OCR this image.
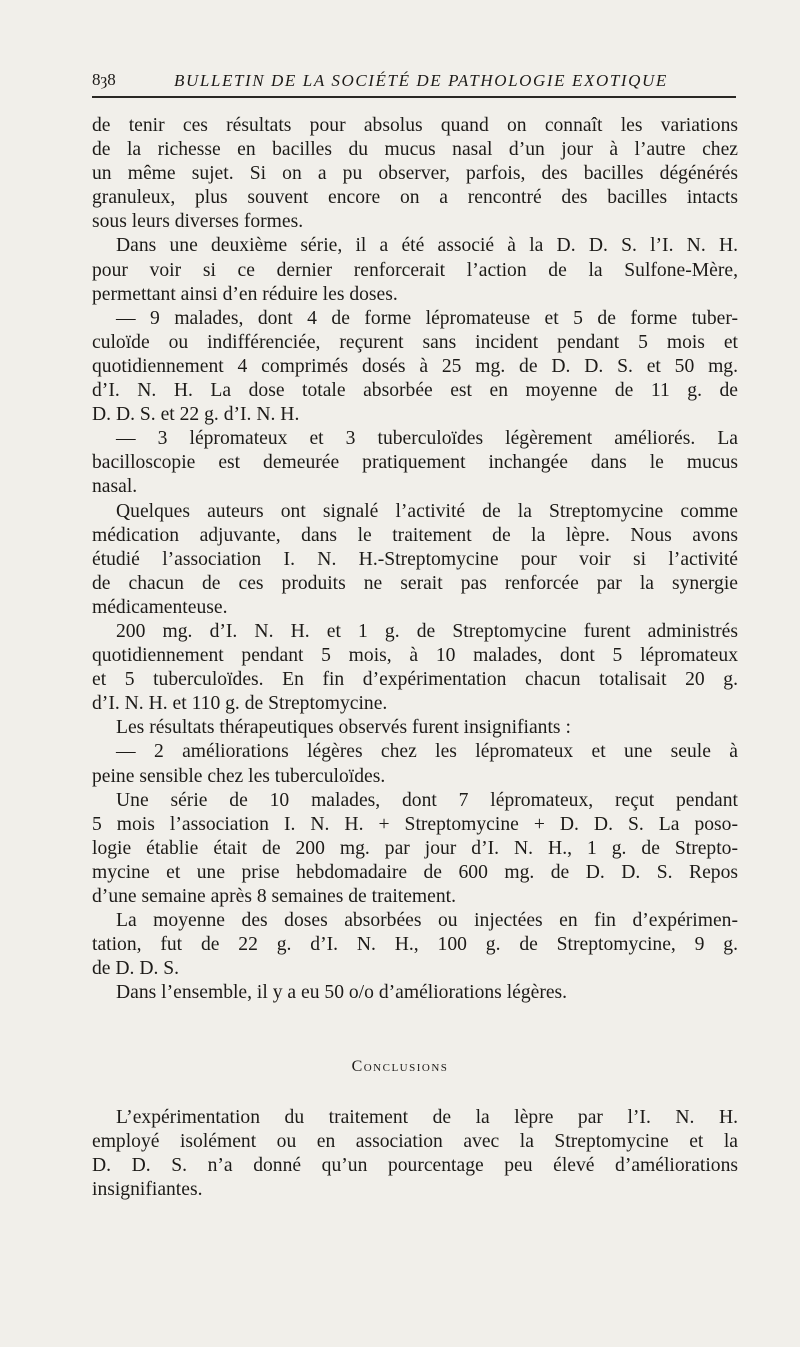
8ȝ8	BULLETIN DE LA SOCIÉTÉ DE PATHOLOGIE EXOTIQUE
de tenir ces résultats pour absolus quand on connaît les variations
de la richesse en bacilles du mucus nasal d’un jour à l’autre chez
un même sujet. Si on a pu observer, parfois, des bacilles dégénérés
granuleux, plus souvent encore on a rencontré des bacilles intacts
sous leurs diverses formes.
Dans une deuxième série, il a été associé à la D. D. S. l’I. N. H.
pour voir si ce dernier renforcerait l’action de la Sulfone-Mère,
permettant ainsi d’en réduire les doses.
— 9 malades, dont 4 de forme lépromateuse et 5 de forme tuber-
culoïde ou indifférenciée, reçurent sans incident pendant 5 mois et
quotidiennement 4 comprimés dosés à 25 mg. de D. D. S. et 50 mg.
d’I. N. H. La dose totale absorbée est en moyenne de 11 g. de
D. D. S. et 22 g. d’I. N. H.
— 3 lépromateux et 3 tuberculoïdes légèrement améliorés. La
bacilloscopie est demeurée pratiquement inchangée dans le mucus
nasal.
Quelques auteurs ont signalé l’activité de la Streptomycine comme
médication adjuvante, dans le traitement de la lèpre. Nous avons
étudié l’association I. N. H.-Streptomycine pour voir si l’activité
de chacun de ces produits ne serait pas renforcée par la synergie
médicamenteuse.
200 mg. d’I. N. H. et 1 g. de Streptomycine furent administrés
quotidiennement pendant 5 mois, à 10 malades, dont 5 lépromateux
et 5 tuberculoïdes. En fin d’expérimentation chacun totalisait 20 g.
d’I. N. H. et 110 g. de Streptomycine.
Les résultats thérapeutiques observés furent insignifiants :
— 2 améliorations légères chez les lépromateux et une seule à
peine sensible chez les tuberculoïdes.
Une série de 10 malades, dont 7 lépromateux, reçut pendant
5 mois l’association I. N. H. + Streptomycine + D. D. S. La poso-
logie établie était de 200 mg. par jour d’I. N. H., 1 g. de Strepto-
mycine et une prise hebdomadaire de 600 mg. de D. D. S. Repos
d’une semaine après 8 semaines de traitement.
La moyenne des doses absorbées ou injectées en fin d’expérimen-
tation, fut de 22 g. d’I. N. H., 100 g. de Streptomycine, 9 g.
de D. D. S.
Dans l’ensemble, il y a eu 50 o/o d’améliorations légères.
Conclusions
L’expérimentation du traitement de la lèpre par l’I. N. H.
employé isolément ou en association avec la Streptomycine et la
D. D. S. n’a donné qu’un pourcentage peu élevé d’améliorations
insignifiantes.
